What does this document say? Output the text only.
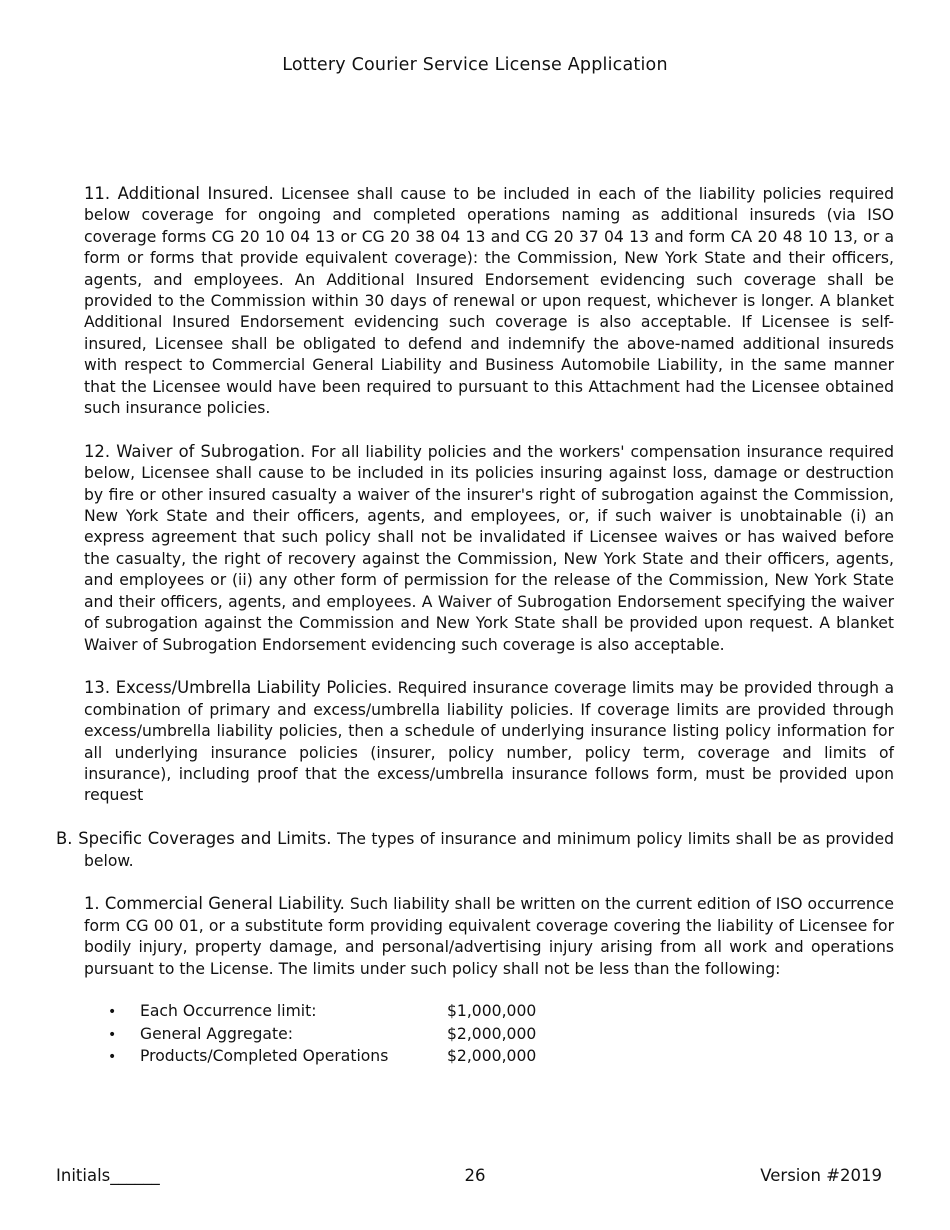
Lottery Courier Service License Application

11. Additional Insured. Licensee shall cause to be included in each of the liability policies required below coverage for ongoing and completed operations naming as additional insureds (via ISO coverage forms CG 20 10 04 13 or CG 20 38 04 13 and CG 20 37 04 13 and form CA 20 48 10 13, or a form or forms that provide equivalent coverage): the Commission, New York State and their officers, agents, and employees. An Additional Insured Endorsement evidencing such coverage shall be provided to the Commission within 30 days of renewal or upon request, whichever is longer. A blanket Additional Insured Endorsement evidencing such coverage is also acceptable. If Licensee is self-insured, Licensee shall be obligated to defend and indemnify the above-named additional insureds with respect to Commercial General Liability and Business Automobile Liability, in the same manner that the Licensee would have been required to pursuant to this Attachment had the Licensee obtained such insurance policies.

12. Waiver of Subrogation. For all liability policies and the workers' compensation insurance required below, Licensee shall cause to be included in its policies insuring against loss, damage or destruction by fire or other insured casualty a waiver of the insurer's right of subrogation against the Commission, New York State and their officers, agents, and employees, or, if such waiver is unobtainable (i) an express agreement that such policy shall not be invalidated if Licensee waives or has waived before the casualty, the right of recovery against the Commission, New York State and their officers, agents, and employees or (ii) any other form of permission for the release of the Commission, New York State and their officers, agents, and employees. A Waiver of Subrogation Endorsement specifying the waiver of subrogation against the Commission and New York State shall be provided upon request. A blanket Waiver of Subrogation Endorsement evidencing such coverage is also acceptable.

13. Excess/Umbrella Liability Policies. Required insurance coverage limits may be provided through a combination of primary and excess/umbrella liability policies. If coverage limits are provided through excess/umbrella liability policies, then a schedule of underlying insurance listing policy information for all underlying insurance policies (insurer, policy number, policy term, coverage and limits of insurance), including proof that the excess/umbrella insurance follows form, must be provided upon request

B. Specific Coverages and Limits. The types of insurance and minimum policy limits shall be as provided below.

1. Commercial General Liability. Such liability shall be written on the current edition of ISO occurrence form CG 00 01, or a substitute form providing equivalent coverage covering the liability of Licensee for bodily injury, property damage, and personal/advertising injury arising from all work and operations pursuant to the License. The limits under such policy shall not be less than the following:

•	Each Occurrence limit:	$1,000,000
•	General Aggregate:	$2,000,000
•	Products/Completed Operations	$2,000,000
26
Initials______	Version #2019
